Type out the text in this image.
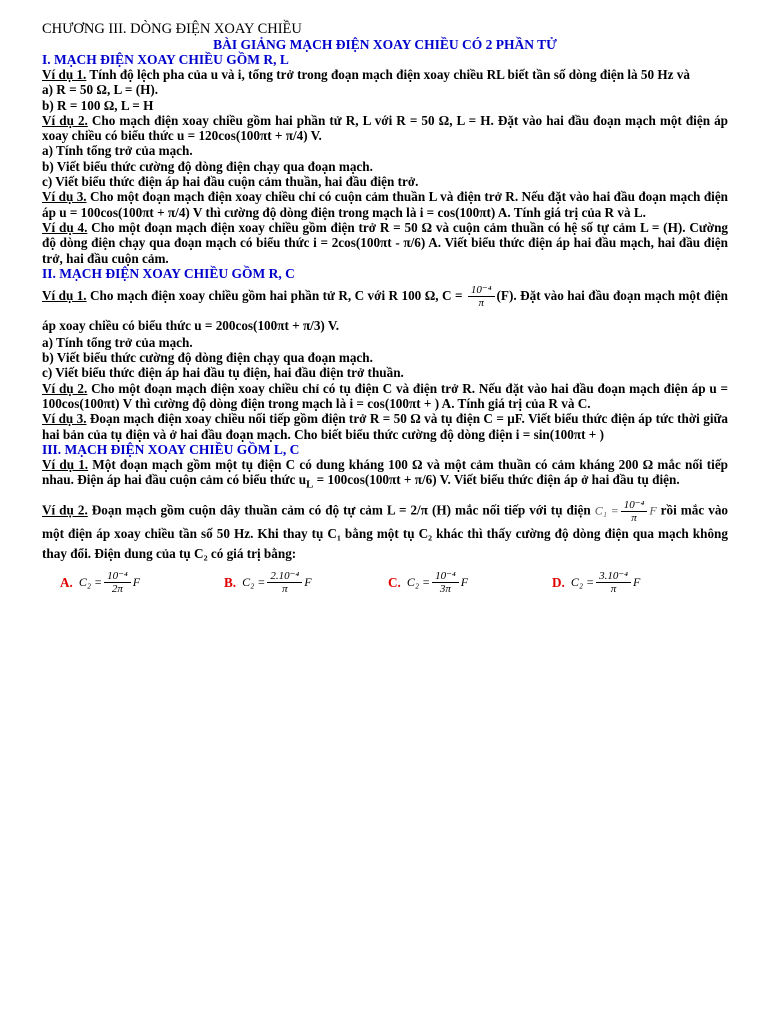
CHƯƠNG III. DÒNG ĐIỆN XOAY CHIỀU
BÀI GIẢNG MẠCH ĐIỆN XOAY CHIỀU CÓ 2 PHẦN TỬ
I. MẠCH ĐIỆN XOAY CHIỀU GỒM R, L

Ví dụ 1. Tính độ lệch pha của u và i, tổng trở trong đoạn mạch điện xoay chiều RL biết tần số dòng điện là 50 Hz và

a) R = 50 Ω, L = (H).
b) R = 100 Ω, L = H

Ví dụ 2. Cho mạch điện xoay chiều gồm hai phần tử R, L với R = 50 Ω, L = H. Đặt vào hai đầu đoạn mạch một điện áp xoay chiều có biểu thức u = 120cos(100πt + π/4) V.

a) Tính tổng trở của mạch.
b) Viết biểu thức cường độ dòng điện chạy qua đoạn mạch.
c) Viết biểu thức điện áp hai đầu cuộn cảm thuần, hai đầu điện trở.

Ví dụ 3. Cho một đoạn mạch điện xoay chiều chỉ có cuộn cảm thuần L và điện trở R. Nếu đặt vào hai đầu đoạn mạch điện áp u = 100cos(100πt + π/4) V thì cường độ dòng điện trong mạch là i = cos(100πt) A. Tính giá trị của R và L.

Ví dụ 4. Cho một đoạn mạch điện xoay chiều gồm điện trở R = 50 Ω và cuộn cảm thuần có hệ số tự cảm L = (H). Cường độ dòng điện chạy qua đoạn mạch có biểu thức i = 2cos(100πt - π/6) A. Viết biểu thức điện áp hai đầu mạch, hai đầu điện trở, hai đầu cuộn cảm.

II. MẠCH ĐIỆN XOAY CHIỀU GỒM R, C

Ví dụ 1. Cho mạch điện xoay chiều gồm hai phần tử R, C với R 100 Ω, $C = \frac{\text{10⁻⁴}}{\pi} (F)$. Đặt vào hai đầu đoạn mạch một điện áp xoay chiều có biểu thức u = 200cos(100πt + π/3) V.

a) Tính tổng trở của mạch.
b) Viết biểu thức cường độ dòng điện chạy qua đoạn mạch.
c) Viết biểu thức điện áp hai đầu tụ điện, hai đầu điện trở thuần.

Ví dụ 2. Cho một đoạn mạch điện xoay chiều chỉ có tụ điện C và điện trở R. Nếu đặt vào hai đầu đoạn mạch điện áp u = 100cos(100πt) V thì cường độ dòng điện trong mạch là i = cos(100πt + ) A. Tính giá trị của R và C.

Ví dụ 3. Đoạn mạch điện xoay chiều nối tiếp gồm điện trở R = 50 Ω và tụ điện C = μF. Viết biểu thức điện áp tức thời giữa hai bản của tụ điện và ở hai đầu đoạn mạch. Cho biết biểu thức cường độ dòng điện i = sin(100πt + )

III. MẠCH ĐIỆN XOAY CHIỀU GỒM L, C

Ví dụ 1. Một đoạn mạch gồm một tụ điện C có dung kháng 100 Ω và một cảm thuần có cảm kháng 200 Ω mắc nối tiếp nhau. Điện áp hai đầu cuộn cảm có biểu thức $u_L = 100\cos(100\pi t + \pi/6)$ V. Viết biểu thức điện áp ở hai đầu tụ điện.

Ví dụ 2. Đoạn mạch gồm cuộn dây thuần cảm có độ tự cảm L = 2/π (H) mắc nối tiếp với tụ điện $C_1 = \frac{\text{10⁻⁴}}{\pi}$ F rồi mắc vào một điện áp xoay chiều tần số 50 Hz. Khi thay tụ C₁ bằng một tụ C₂ khác thì thấy cường độ dòng điện qua mạch không thay đổi. Điện dung của tụ C₂ có giá trị bằng:

A. $C_2 = \frac{\text{10⁻⁴}}{2\pi}$ F	B. $C_2 = \frac{\text{2.10⁻⁴}}{\pi}$ F	C. $C_2 = \frac{\text{10⁻⁴}}{3\pi}$ F	D. $C_2 = \frac{\text{3.10⁻⁴}}{\pi}$ F
